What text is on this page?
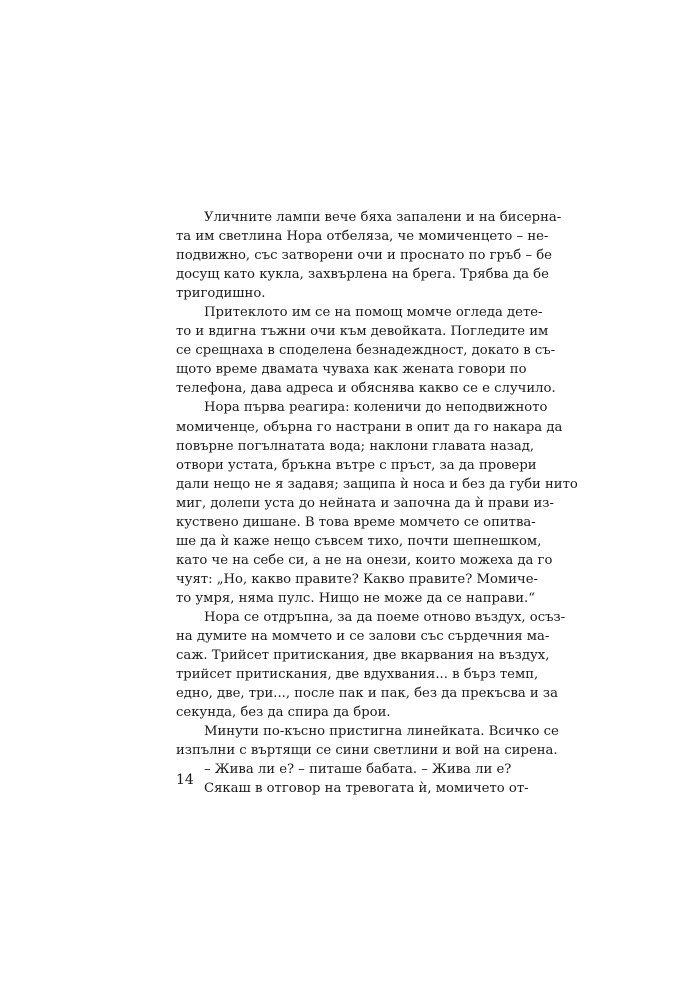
Уличните лампи вече бяха запалени и на бисерна-
та им светлина Нора отбеляза, че момиченцето – не-
подвижно, със затворени очи и проснато по гръб – бе
досущ като кукла, захвърлена на брега. Трябва да бе
тригодишно.

Притеклото им се на помощ момче огледа дете-
то и вдигна тъжни очи към девойката. Погледите им
се срещнаха в споделена безнадеждност, докато в съ-
щото време двамата чуваха как жената говори по
телефона, дава адреса и обяснява какво се е случило.

Нора първа реагира: коленичи до неподвижното
момиченце, обърна го настрани в опит да го накара да
повърне погълнатата вода; наклони главата назад,
отвори устата, бръкна вътре с пръст, за да провери
дали нещо не я задавя; защипа ѝ носа и без да губи нито
миг, долепи уста до нейната и започна да ѝ прави из-
куствено дишане. В това време момчето се опитва-
ше да ѝ каже нещо съвсем тихо, почти шепнешком,
като че на себе си, а не на онези, които можеха да го
чуят: „Но, какво правите? Какво правите? Момиче-
то умря, няма пулс. Нищо не може да се направи.“

Нора се отдръпна, за да поеме отново въздух, осъз-
на думите на момчето и се залови със сърдечния ма-
саж. Трийсет притискания, две вкарвания на въздух,
трийсет притискания, две вдухвания... в бърз темп,
едно, две, три..., после пак и пак, без да прекъсва и за
секунда, без да спира да брои.

Минути по-късно пристигна линейката. Всичко се
изпълни с въртящи се сини светлини и вой на сирена.

– Жива ли е? – питаше бабата. – Жива ли е?

Сякаш в отговор на тревогата ѝ, момичето от-

14
